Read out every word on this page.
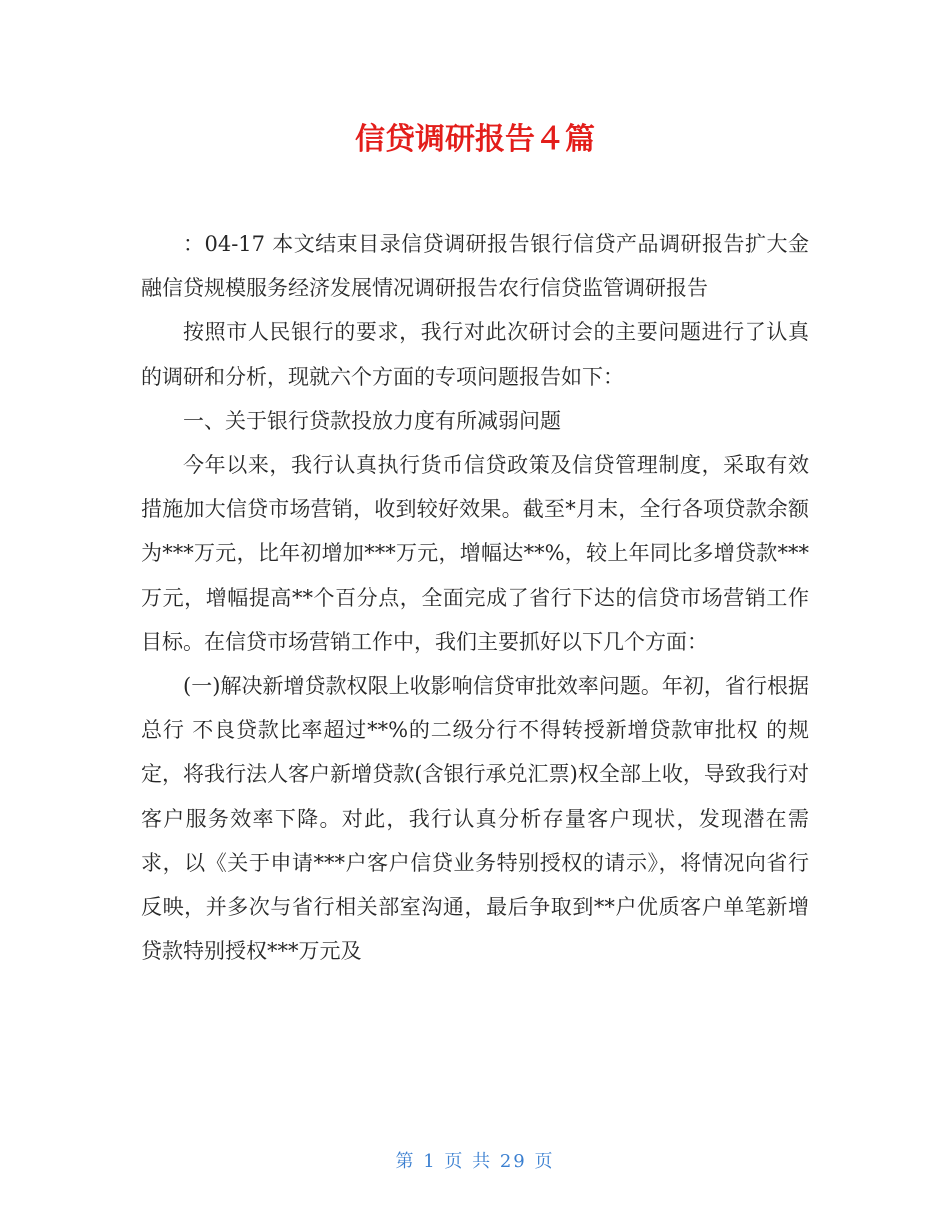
信贷调研报告４篇

：04-17 本文结束目录信贷调研报告银行信贷产品调研报告扩大金融信贷规模服务经济发展情况调研报告农行信贷监管调研报告

按照市人民银行的要求，我行对此次研讨会的主要问题进行了认真的调研和分析，现就六个方面的专项问题报告如下：

一、关于银行贷款投放力度有所减弱问题

今年以来，我行认真执行货币信贷政策及信贷管理制度，采取有效措施加大信贷市场营销，收到较好效果。截至*月末，全行各项贷款余额为***万元，比年初增加***万元，增幅达**%，较上年同比多增贷款***万元，增幅提高**个百分点，全面完成了省行下达的信贷市场营销工作目标。在信贷市场营销工作中，我们主要抓好以下几个方面：

(一)解决新增贷款权限上收影响信贷审批效率问题。年初，省行根据总行 不良贷款比率超过**%的二级分行不得转授新增贷款审批权 的规定，将我行法人客户新增贷款(含银行承兑汇票)权全部上收，导致我行对客户服务效率下降。对此，我行认真分析存量客户现状，发现潜在需求，以《关于申请***户客户信贷业务特别授权的请示》，将情况向省行反映，并多次与省行相关部室沟通，最后争取到**户优质客户单笔新增贷款特别授权***万元及

第 1 页 共 29 页
